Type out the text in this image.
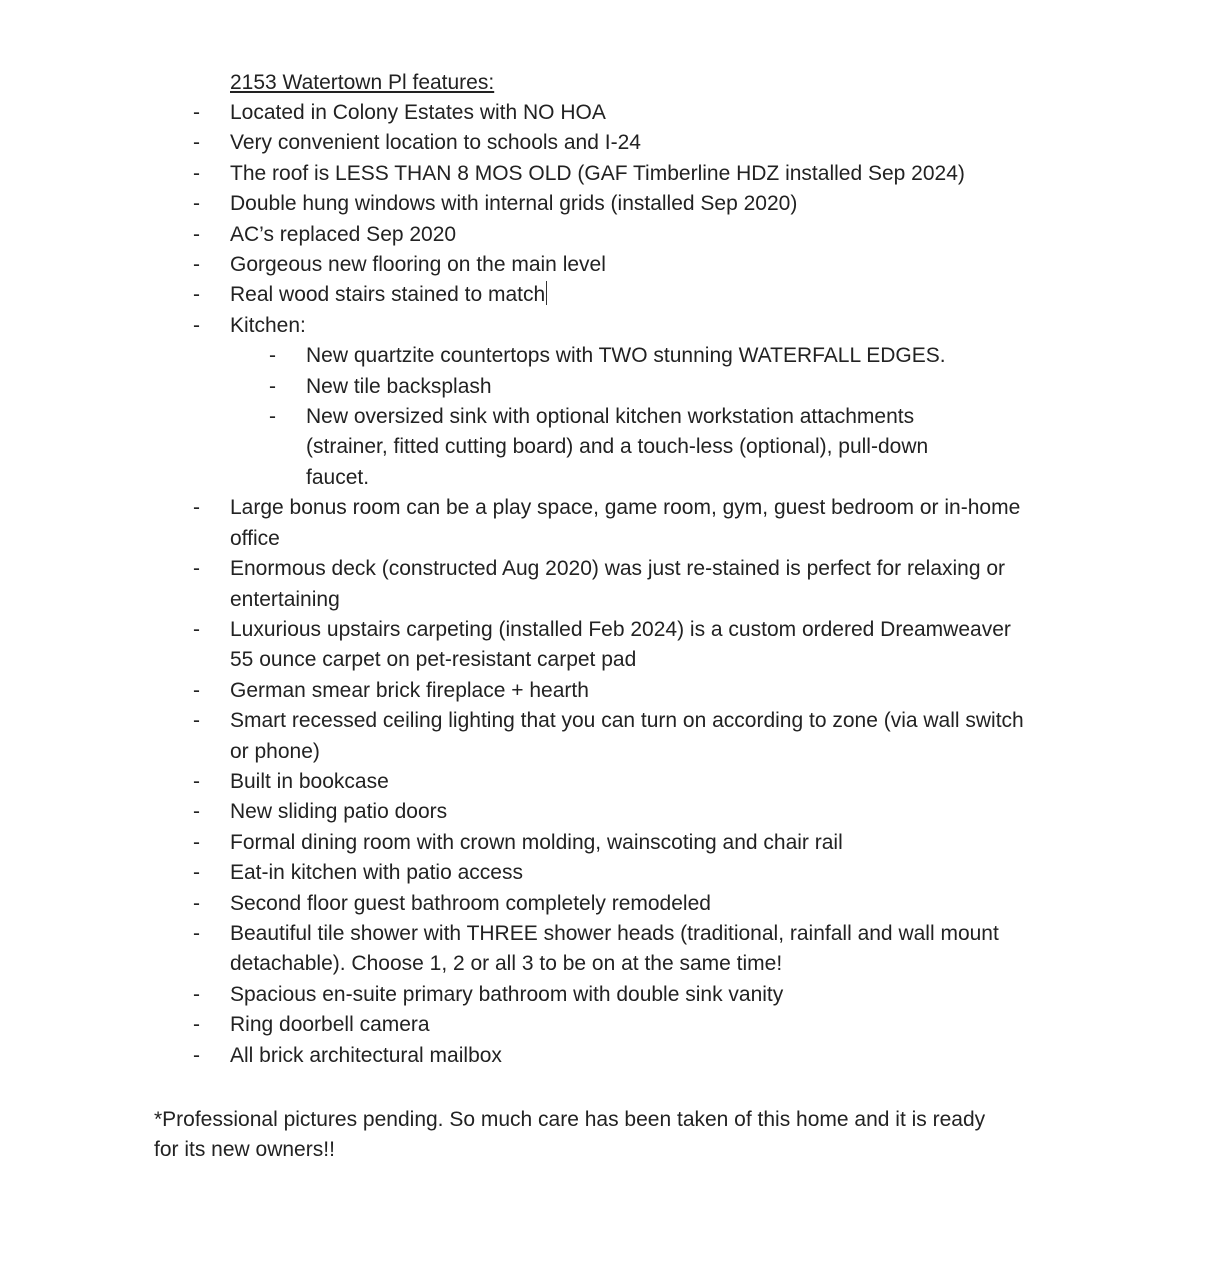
2153 Watertown Pl features:
- Located in Colony Estates with NO HOA
- Very convenient location to schools and I-24
- The roof is LESS THAN 8 MOS OLD (GAF Timberline HDZ installed Sep 2024)
- Double hung windows with internal grids (installed Sep 2020)
- AC’s replaced Sep 2020
- Gorgeous new flooring on the main level
- Real wood stairs stained to match
- Kitchen:
- New quartzite countertops with TWO stunning WATERFALL EDGES.
- New tile backsplash
- New oversized sink with optional kitchen workstation attachments (strainer, fitted cutting board) and a touch-less (optional), pull-down faucet.
- Large bonus room can be a play space, game room, gym, guest bedroom or in-home office
- Enormous deck (constructed Aug 2020) was just re-stained is perfect for relaxing or entertaining
- Luxurious upstairs carpeting (installed Feb 2024) is a custom ordered Dreamweaver 55 ounce carpet on pet-resistant carpet pad
- German smear brick fireplace + hearth
- Smart recessed ceiling lighting that you can turn on according to zone (via wall switch or phone)
- Built in bookcase
- New sliding patio doors
- Formal dining room with crown molding, wainscoting and chair rail
- Eat-in kitchen with patio access
- Second floor guest bathroom completely remodeled
- Beautiful tile shower with THREE shower heads (traditional, rainfall and wall mount detachable). Choose 1, 2 or all 3 to be on at the same time!
- Spacious en-suite primary bathroom with double sink vanity
- Ring doorbell camera
- All brick architectural mailbox
*Professional pictures pending. So much care has been taken of this home and it is ready for its new owners!!
